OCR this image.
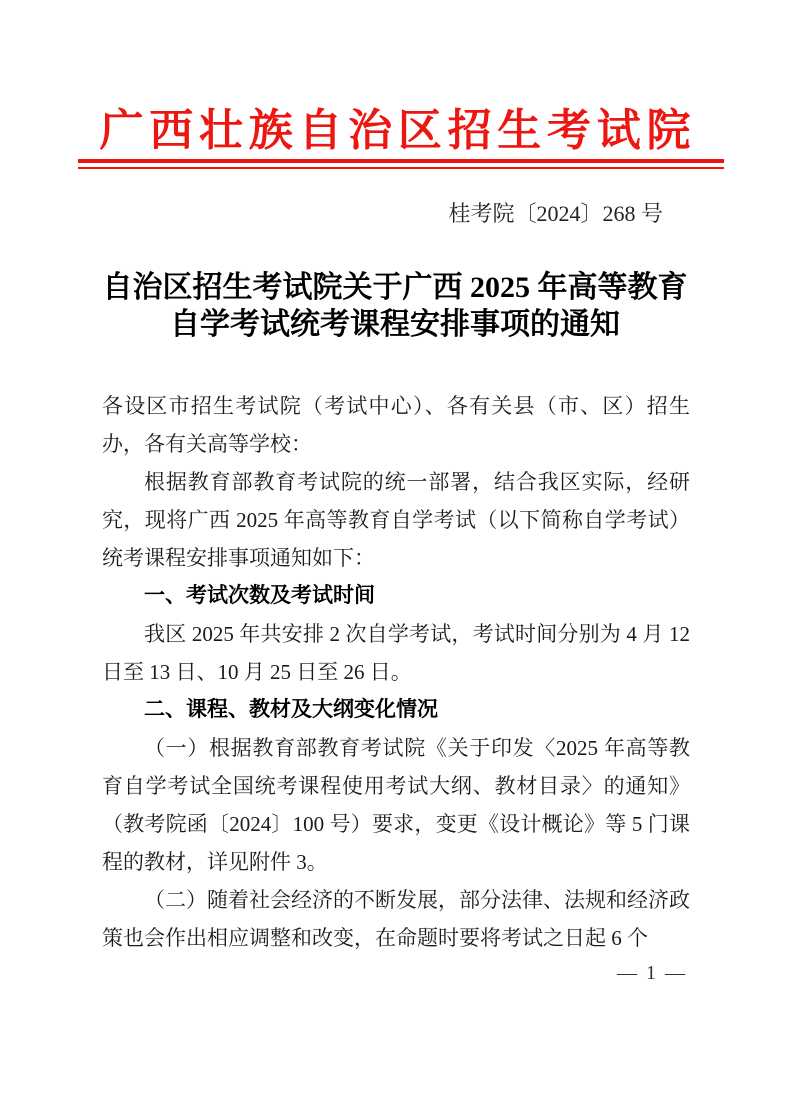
广西壮族自治区招生考试院
桂考院〔2024〕268 号
自治区招生考试院关于广西 2025 年高等教育
自学考试统考课程安排事项的通知

各设区市招生考试院（考试中心）、各有关县（市、区）招生办，各有关高等学校：

根据教育部教育考试院的统一部署，结合我区实际，经研究，现将广西 2025 年高等教育自学考试（以下简称自学考试）统考课程安排事项通知如下：

一、考试次数及考试时间

我区 2025 年共安排 2 次自学考试，考试时间分别为 4 月 12 日至 13 日、10 月 25 日至 26 日。

二、课程、教材及大纲变化情况

（一）根据教育部教育考试院《关于印发〈2025 年高等教育自学考试全国统考课程使用考试大纲、教材目录〉的通知》（教考院函〔2024〕100 号）要求，变更《设计概论》等 5 门课程的教材，详见附件 3。

（二）随着社会经济的不断发展，部分法律、法规和经济政策也会作出相应调整和改变，在命题时要将考试之日起 6 个

— 1 —
